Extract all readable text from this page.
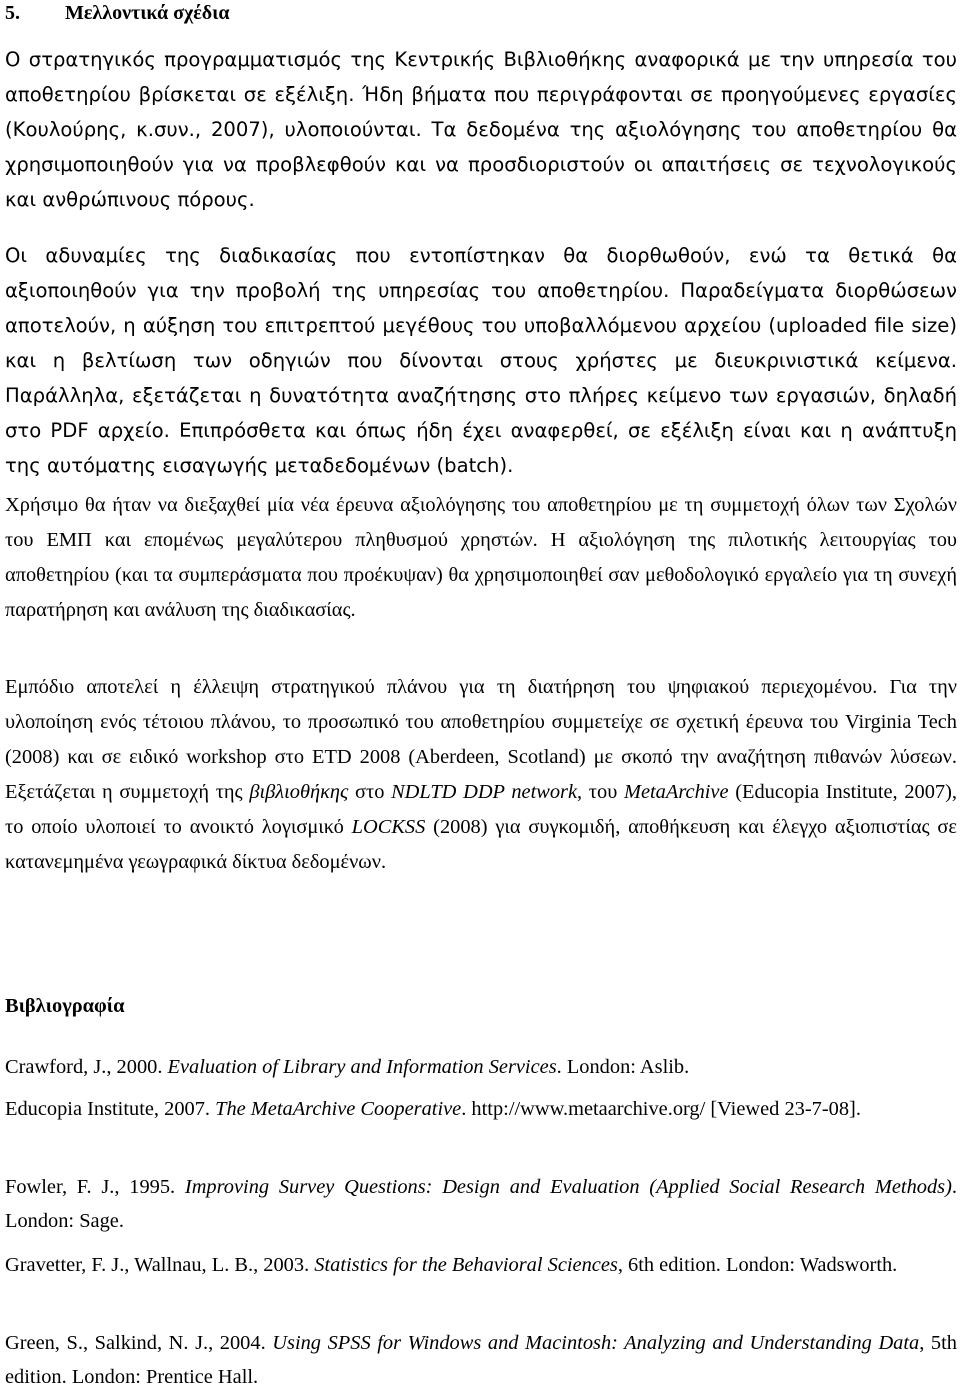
5. Μελλοντικά σχέδια

Ο στρατηγικός προγραμματισμός της Κεντρικής Βιβλιοθήκης αναφορικά με την υπηρεσία του αποθετηρίου βρίσκεται σε εξέλιξη. Ήδη βήματα που περιγράφονται σε προηγούμενες εργασίες (Κουλούρης, κ.συν., 2007), υλοποιούνται. Τα δεδομένα της αξιολόγησης του αποθετηρίου θα χρησιμοποιηθούν για να προβλεφθούν και να προσδιοριστούν οι απαιτήσεις σε τεχνολογικούς και ανθρώπινους πόρους.

Οι αδυναμίες της διαδικασίας που εντοπίστηκαν θα διορθωθούν, ενώ τα θετικά θα αξιοποιηθούν για την προβολή της υπηρεσίας του αποθετηρίου. Παραδείγματα διορθώσεων αποτελούν, η αύξηση του επιτρεπτού μεγέθους του υποβαλλόμενου αρχείου (uploaded file size) και η βελτίωση των οδηγιών που δίνονται στους χρήστες με διευκρινιστικά κείμενα. Παράλληλα, εξετάζεται η δυνατότητα αναζήτησης στο πλήρες κείμενο των εργασιών, δηλαδή στο PDF αρχείο. Επιπρόσθετα και όπως ήδη έχει αναφερθεί, σε εξέλιξη είναι και η ανάπτυξη της αυτόματης εισαγωγής μεταδεδομένων (batch).

Χρήσιμο θα ήταν να διεξαχθεί μία νέα έρευνα αξιολόγησης του αποθετηρίου με τη συμμετοχή όλων των Σχολών του ΕΜΠ και επομένως μεγαλύτερου πληθυσμού χρηστών. Η αξιολόγηση της πιλοτικής λειτουργίας του αποθετηρίου (και τα συμπεράσματα που προέκυψαν) θα χρησιμοποιηθεί σαν μεθοδολογικό εργαλείο για τη συνεχή παρατήρηση και ανάλυση της διαδικασίας.

Εμπόδιο αποτελεί η έλλειψη στρατηγικού πλάνου για τη διατήρηση του ψηφιακού περιεχομένου. Για την υλοποίηση ενός τέτοιου πλάνου, το προσωπικό του αποθετηρίου συμμετείχε σε σχετική έρευνα του Virginia Tech (2008) και σε ειδικό workshop στο ETD 2008 (Aberdeen, Scotland) με σκοπό την αναζήτηση πιθανών λύσεων. Εξετάζεται η συμμετοχή της βιβλιοθήκης στο NDLTD DDP network, του MetaArchive (Educopia Institute, 2007), το οποίο υλοποιεί το ανοικτό λογισμικό LOCKSS (2008) για συγκομιδή, αποθήκευση και έλεγχο αξιοπιστίας σε κατανεμημένα γεωγραφικά δίκτυα δεδομένων.

Βιβλιογραφία

Crawford, J., 2000. Evaluation of Library and Information Services. London: Aslib.

Educopia Institute, 2007. The MetaArchive Cooperative. http://www.metaarchive.org/ [Viewed 23-7-08].

Fowler, F. J., 1995. Improving Survey Questions: Design and Evaluation (Applied Social Research Methods). London: Sage.

Gravetter, F. J., Wallnau, L. B., 2003. Statistics for the Behavioral Sciences, 6th edition. London: Wadsworth.

Green, S., Salkind, N. J., 2004. Using SPSS for Windows and Macintosh: Analyzing and Understanding Data, 5th edition. London: Prentice Hall.
